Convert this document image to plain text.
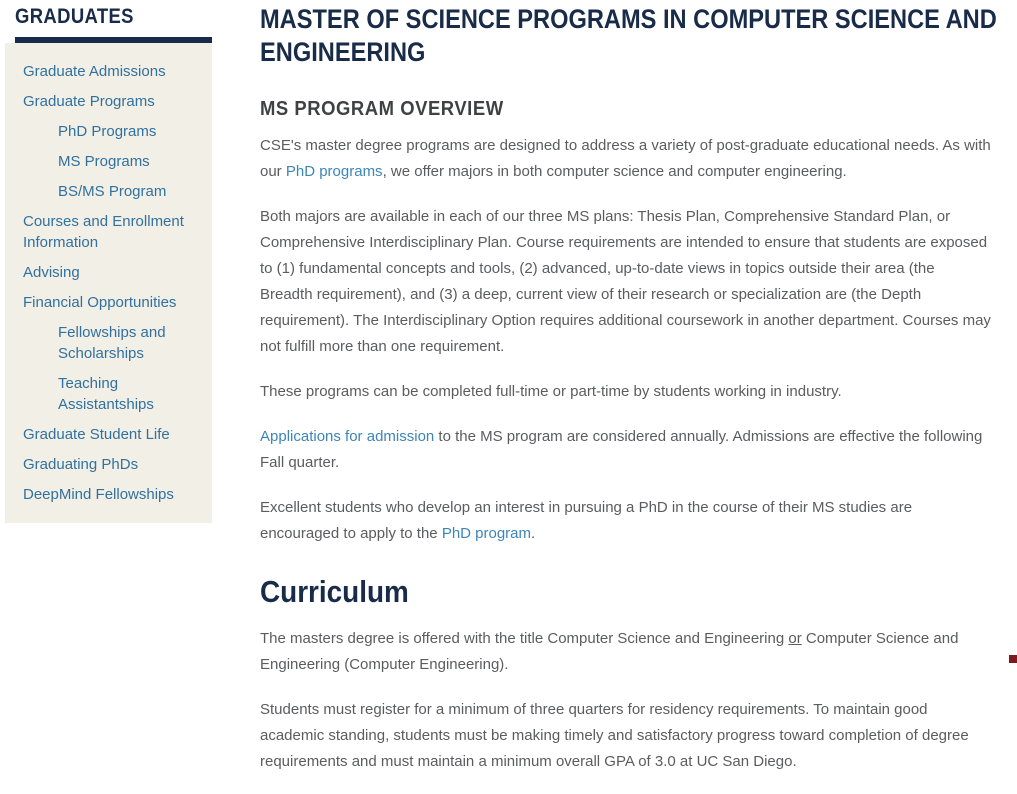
GRADUATES
Graduate Admissions
Graduate Programs
PhD Programs
MS Programs
BS/MS Program
Courses and Enrollment Information
Advising
Financial Opportunities
Fellowships and Scholarships
Teaching Assistantships
Graduate Student Life
Graduating PhDs
DeepMind Fellowships
MASTER OF SCIENCE PROGRAMS IN COMPUTER SCIENCE AND ENGINEERING
MS PROGRAM OVERVIEW

CSE's master degree programs are designed to address a variety of post-graduate educational needs. As with our PhD programs, we offer majors in both computer science and computer engineering.

Both majors are available in each of our three MS plans: Thesis Plan, Comprehensive Standard Plan, or Comprehensive Interdisciplinary Plan. Course requirements are intended to ensure that students are exposed to (1) fundamental concepts and tools, (2) advanced, up-to-date views in topics outside their area (the Breadth requirement), and (3) a deep, current view of their research or specialization are (the Depth requirement). The Interdisciplinary Option requires additional coursework in another department. Courses may not fulfill more than one requirement.

These programs can be completed full-time or part-time by students working in industry.

Applications for admission to the MS program are considered annually. Admissions are effective the following Fall quarter.

Excellent students who develop an interest in pursuing a PhD in the course of their MS studies are encouraged to apply to the PhD program.

Curriculum

The masters degree is offered with the title Computer Science and Engineering or Computer Science and Engineering (Computer Engineering).

Students must register for a minimum of three quarters for residency requirements. To maintain good academic standing, students must be making timely and satisfactory progress toward completion of degree requirements and must maintain a minimum overall GPA of 3.0 at UC San Diego.
